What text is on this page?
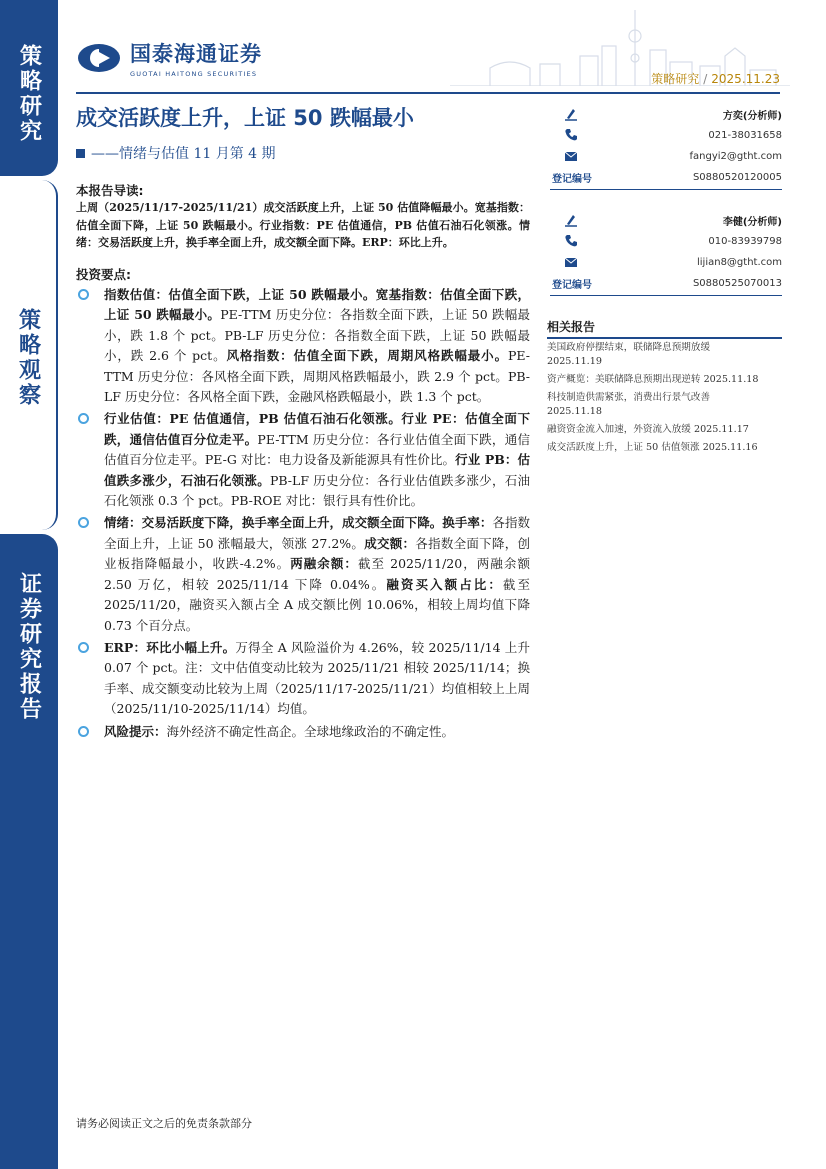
策略研究
策略观察
证券研究报告
国泰海通证券
GUOTAI HAITONG SECURITIES	策略研究 / 2025.11.23
成交活跃度上升，上证 50 跌幅最小
——情绪与估值 11 月第 4 期
方奕(分析师)
021-38031658
fangyi2@gtht.com
登记编号	S0880520120005
李健(分析师)
010-83939798
lijian8@gtht.com
登记编号	S0880525070013
相关报告
美国政府停摆结束，联储降息预期放缓
2025.11.19
资产概览：美联储降息预期出现逆转 2025.11.18
科技制造供需紧张，消费出行景气改善
2025.11.18
融资资金流入加速，外资流入放缓 2025.11.17
成交活跃度上升，上证 50 估值领涨 2025.11.16
本报告导读:
上周（2025/11/17-2025/11/21）成交活跃度上升，上证 50 估值降幅最小。宽基指数：估值全面下降，上证 50 跌幅最小。行业指数：PE 估值通信，PB 估值石油石化领涨。情绪：交易活跃度上升，换手率全面上升，成交额全面下降。ERP：环比上升。
投资要点:
指数估值：估值全面下跌，上证 50 跌幅最小。宽基指数：估值全面下跌，上证 50 跌幅最小。PE-TTM 历史分位：各指数全面下跌，上证 50 跌幅最小，跌 1.8 个 pct。PB-LF 历史分位：各指数全面下跌，上证 50 跌幅最小，跌 2.6 个 pct。风格指数：估值全面下跌，周期风格跌幅最小。PE-TTM 历史分位：各风格全面下跌，周期风格跌幅最小，跌 2.9 个 pct。PB-LF 历史分位：各风格全面下跌，金融风格跌幅最小，跌 1.3 个 pct。
行业估值：PE 估值通信，PB 估值石油石化领涨。行业 PE：估值全面下跌，通信估值百分位走平。PE-TTM 历史分位：各行业估值全面下跌，通信估值百分位走平。PE-G 对比：电力设备及新能源具有性价比。行业 PB：估值跌多涨少，石油石化领涨。PB-LF 历史分位：各行业估值跌多涨少，石油石化领涨 0.3 个 pct。PB-ROE 对比：银行具有性价比。
情绪：交易活跃度下降，换手率全面上升，成交额全面下降。换手率：各指数全面上升，上证 50 涨幅最大，领涨 27.2%。成交额：各指数全面下降，创业板指降幅最小，收跌-4.2%。两融余额：截至 2025/11/20，两融余额 2.50 万亿，相较 2025/11/14 下降 0.04%。融资买入额占比：截至 2025/11/20，融资买入额占全 A 成交额比例 10.06%，相较上周均值下降 0.73 个百分点。
ERP：环比小幅上升。万得全 A 风险溢价为 4.26%，较 2025/11/14 上升 0.07 个 pct。注：文中估值变动比较为 2025/11/21 相较 2025/11/14；换手率、成交额变动比较为上周（2025/11/17-2025/11/21）均值相较上上周（2025/11/10-2025/11/14）均值。
风险提示：海外经济不确定性高企。全球地缘政治的不确定性。
请务必阅读正文之后的免责条款部分
